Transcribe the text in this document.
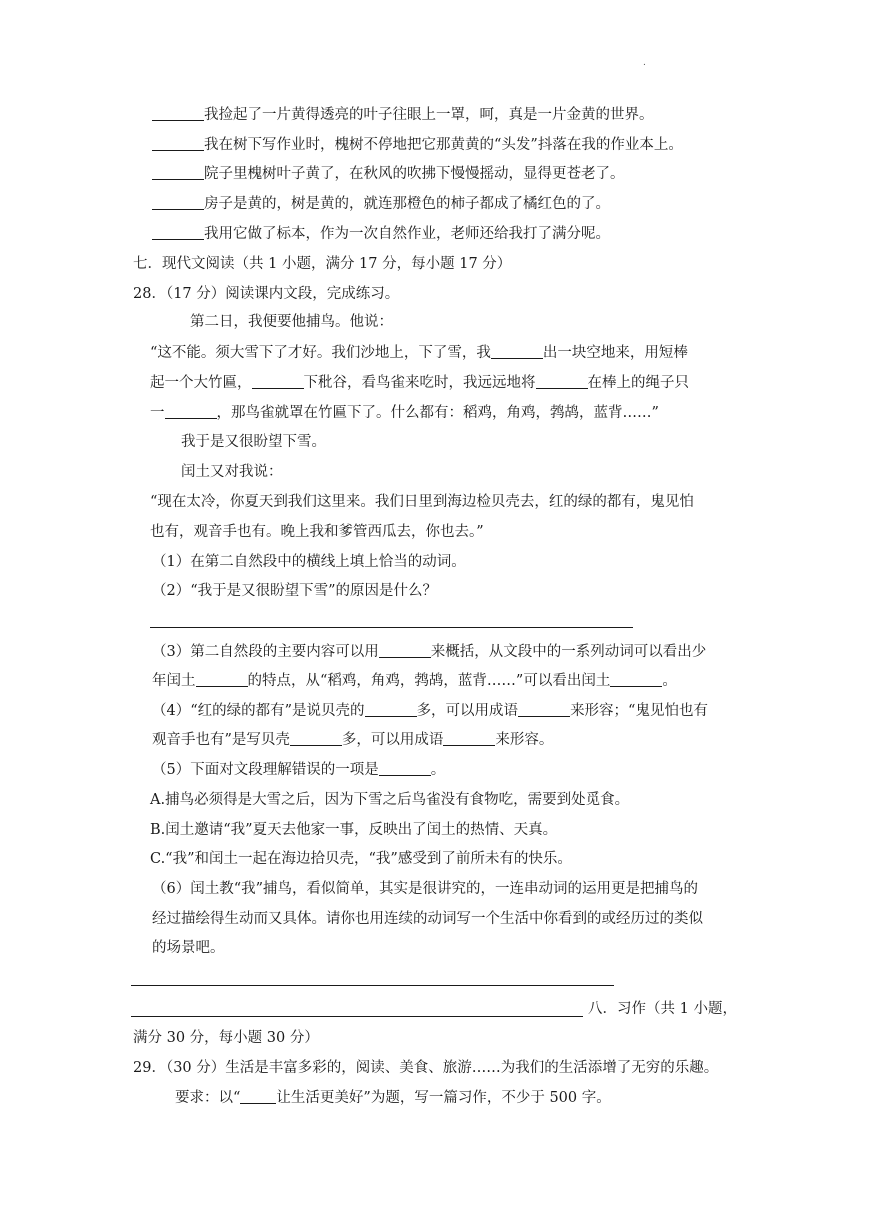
.
我捡起了一片黄得透亮的叶子往眼上一罩，呵，真是一片金黄的世界。
我在树下写作业时，槐树不停地把它那黄黄的“头发”抖落在我的作业本上。
院子里槐树叶子黄了，在秋风的吹拂下慢慢摇动，显得更苍老了。
房子是黄的，树是黄的，就连那橙色的柿子都成了橘红色的了。
我用它做了标本，作为一次自然作业，老师还给我打了满分呢。
七．现代文阅读（共 1 小题，满分 17 分，每小题 17 分）
28．（17 分）阅读课内文段，完成练习。
第二日，我便要他捕鸟。他说：
“这不能。须大雪下了才好。我们沙地上，下了雪，我	出一块空地来，用短棒
起一个大竹匾，	下秕谷，看鸟雀来吃时，我远远地将	在棒上的绳子只
一	，那鸟雀就罩在竹匾下了。什么都有：稻鸡，角鸡，鹁鸪，蓝背……”
我于是又很盼望下雪。
闰土又对我说：
“现在太冷，你夏天到我们这里来。我们日里到海边检贝壳去，红的绿的都有，鬼见怕
也有，观音手也有。晚上我和爹管西瓜去，你也去。”
（1）在第二自然段中的横线上填上恰当的动词。
（2）“我于是又很盼望下雪”的原因是什么？
（3）第二自然段的主要内容可以用	来概括，从文段中的一系列动词可以看出少
年闰土	的特点，从“稻鸡，角鸡，鹁鸪，蓝背……”可以看出闰土	。
（4）“红的绿的都有”是说贝壳的	多，可以用成语	来形容；“鬼见怕也有
观音手也有”是写贝壳	多，可以用成语	来形容。
（5）下面对文段理解错误的一项是	。
A.捕鸟必须得是大雪之后，因为下雪之后鸟雀没有食物吃，需要到处觅食。
B.闰土邀请“我”夏天去他家一事，反映出了闰土的热情、天真。
C.“我”和闰土一起在海边拾贝壳，“我”感受到了前所未有的快乐。
（6）闰土教“我”捕鸟，看似简单，其实是很讲究的，一连串动词的运用更是把捕鸟的
经过描绘得生动而又具体。请你也用连续的动词写一个生活中你看到的或经历过的类似
的场景吧。
八．习作（共 1 小题，
满分 30 分，每小题 30 分）
29．（30 分）生活是丰富多彩的，阅读、美食、旅游……为我们的生活添增了无穷的乐趣。
要求：以“ 让生活更美好”为题，写一篇习作，不少于 500 字。
